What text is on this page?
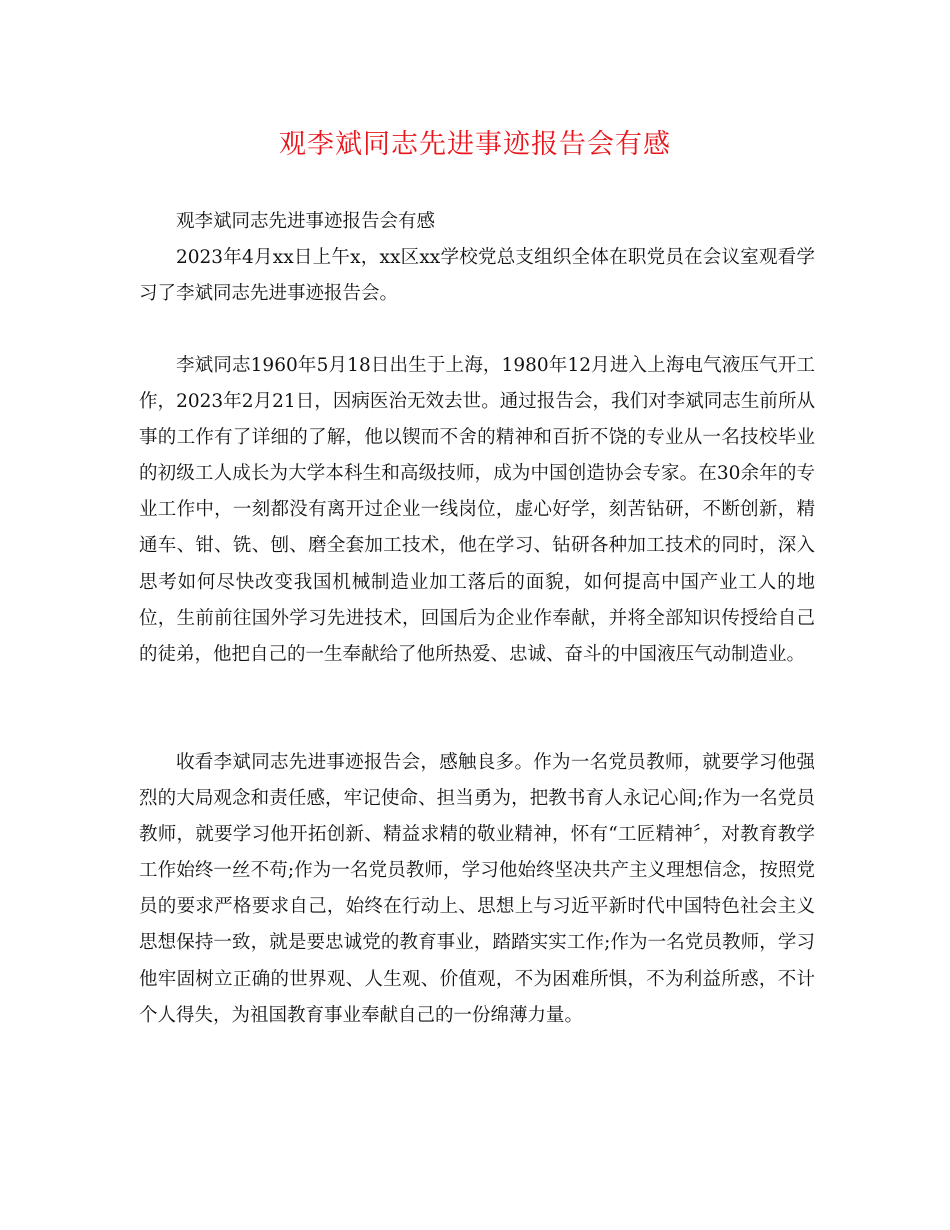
观李斌同志先进事迹报告会有感

观李斌同志先进事迹报告会有感

2023年4月xx日上午x，xx区xx学校党总支组织全体在职党员在会议室观看学习了李斌同志先进事迹报告会。

李斌同志1960年5月18日出生于上海，1980年12月进入上海电气液压气开工作，2023年2月21日，因病医治无效去世。通过报告会，我们对李斌同志生前所从事的工作有了详细的了解，他以锲而不舍的精神和百折不饶的专业从一名技校毕业的初级工人成长为大学本科生和高级技师，成为中国创造协会专家。在30余年的专业工作中，一刻都没有离开过企业一线岗位，虚心好学，刻苦钻研，不断创新，精通车、钳、铣、刨、磨全套加工技术，他在学习、钻研各种加工技术的同时，深入思考如何尽快改变我国机械制造业加工落后的面貌，如何提高中国产业工人的地位，生前前往国外学习先进技术，回国后为企业作奉献，并将全部知识传授给自己的徒弟，他把自己的一生奉献给了他所热爱、忠诚、奋斗的中国液压气动制造业。

收看李斌同志先进事迹报告会，感触良多。作为一名党员教师，就要学习他强烈的大局观念和责任感，牢记使命、担当勇为，把教书育人永记心间;作为一名党员教师，就要学习他开拓创新、精益求精的敬业精神，怀有“工匠精神〞，对教育教学工作始终一丝不苟;作为一名党员教师，学习他始终坚决共产主义理想信念，按照党员的要求严格要求自己，始终在行动上、思想上与习近平新时代中国特色社会主义思想保持一致，就是要忠诚党的教育事业，踏踏实实工作;作为一名党员教师，学习他牢固树立正确的世界观、人生观、价值观，不为困难所惧，不为利益所惑，不计个人得失，为祖国教育事业奉献自己的一份绵薄力量。
